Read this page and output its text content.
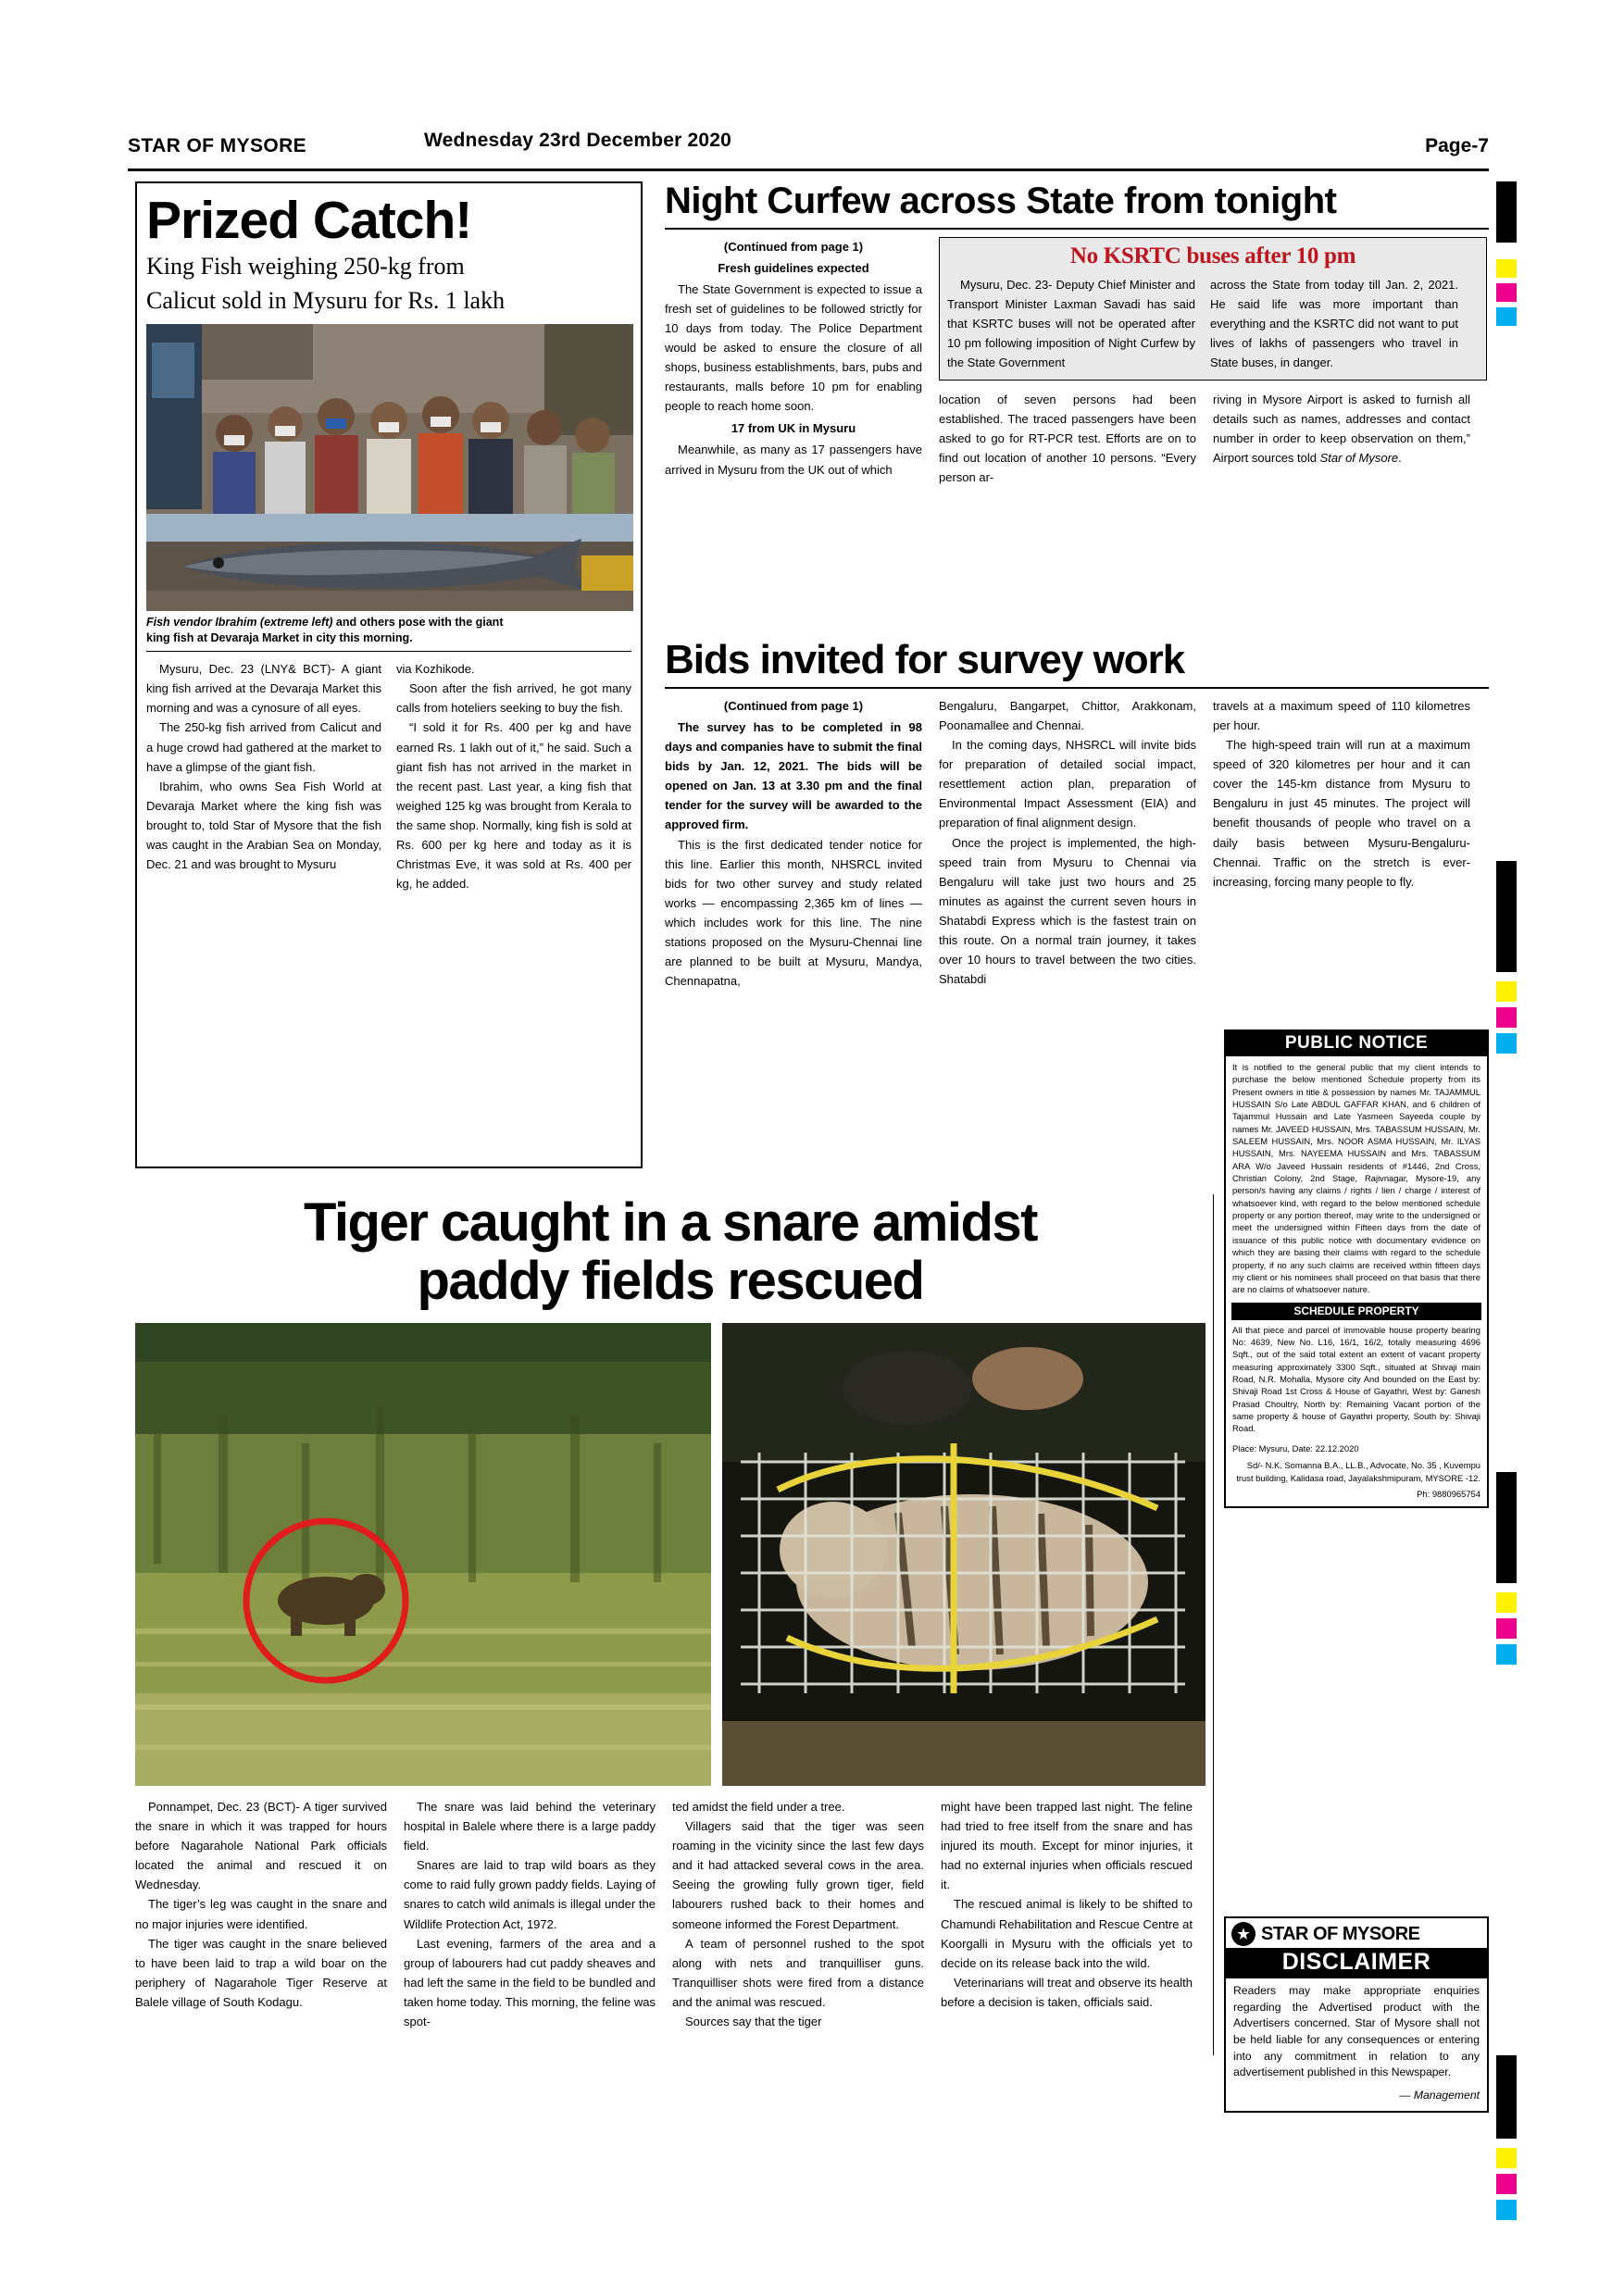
STAR OF MYSORE	Wednesday 23rd December 2020	Page-7
Prized Catch!
King Fish weighing 250-kg from
Calicut sold in Mysuru for Rs. 1 lakh
Fish vendor Ibrahim (extreme left) and others pose with the giant
king fish at Devaraja Market in city this morning.

Mysuru, Dec. 23 (LNY& BCT)- A giant king fish arrived at the Devaraja Market this morning and was a cynosure of all eyes.

The 250-kg fish arrived from Calicut and a huge crowd had gathered at the market to have a glimpse of the giant fish.

Ibrahim, who owns Sea Fish World at Devaraja Market where the king fish was brought to, told Star of Mysore that the fish was caught in the Arabian Sea on Monday, Dec. 21 and was brought to Mysuru

via Kozhikode.

Soon after the fish arrived, he got many calls from hoteliers seeking to buy the fish.

“I sold it for Rs. 400 per kg and have earned Rs. 1 lakh out of it,” he said. Such a giant fish has not arrived in the market in the recent past. Last year, a king fish that weighed 125 kg was brought from Kerala to the same shop. Normally, king fish is sold at Rs. 600 per kg here and today as it is Christmas Eve, it was sold at Rs. 400 per kg, he added.

Night Curfew across State from tonight
(Continued from page 1)
Fresh guidelines expected

The State Government is expected to issue a fresh set of guidelines to be followed strictly for 10 days from today. The Police Department would be asked to ensure the closure of all shops, business establishments, bars, pubs and restaurants, malls before 10 pm for enabling people to reach home soon.

17 from UK in Mysuru

Meanwhile, as many as 17 passengers have arrived in Mysuru from the UK out of which

No KSRTC buses after 10 pm

Mysuru, Dec. 23- Deputy Chief Minister and Transport Minister Laxman Savadi has said that KSRTC buses will not be operated after 10 pm following imposition of Night Curfew by the State Government

across the State from today till Jan. 2, 2021. He said life was more important than everything and the KSRTC did not want to put lives of lakhs of passengers who travel in State buses, in danger.

location of seven persons had been established. The traced passengers have been asked to go for RT-PCR test. Efforts are on to find out location of another 10 persons. “Every person ar-

riving in Mysore Airport is asked to furnish all details such as names, addresses and contact number in order to keep observation on them,” Airport sources told Star of Mysore.

Bids invited for survey work
(Continued from page 1)

The survey has to be completed in 98 days and companies have to submit the final bids by Jan. 12, 2021. The bids will be opened on Jan. 13 at 3.30 pm and the final tender for the survey will be awarded to the approved firm.

This is the first dedicated tender notice for this line. Earlier this month, NHSRCL invited bids for two other survey and study related works — encompassing 2,365 km of lines — which includes work for this line. The nine stations proposed on the Mysuru-Chennai line are planned to be built at Mysuru, Mandya, Chennapatna,

Bengaluru, Bangarpet, Chittor, Arakkonam, Poonamallee and Chennai.

In the coming days, NHSRCL will invite bids for preparation of detailed social impact, resettlement action plan, preparation of Environmental Impact Assessment (EIA) and preparation of final alignment design.

Once the project is implemented, the high-speed train from Mysuru to Chennai via Bengaluru will take just two hours and 25 minutes as against the current seven hours in Shatabdi Express which is the fastest train on this route. On a normal train journey, it takes over 10 hours to travel between the two cities. Shatabdi

travels at a maximum speed of 110 kilometres per hour.

The high-speed train will run at a maximum speed of 320 kilometres per hour and it can cover the 145-km distance from Mysuru to Bengaluru in just 45 minutes. The project will benefit thousands of people who travel on a daily basis between Mysuru-Bengaluru-Chennai. Traffic on the stretch is ever-increasing, forcing many people to fly.

Tiger caught in a snare amidst
paddy fields rescued

Ponnampet, Dec. 23 (BCT)- A tiger survived the snare in which it was trapped for hours before Nagarahole National Park officials located the animal and rescued it on Wednesday.

The tiger’s leg was caught in the snare and no major injuries were identified.

The tiger was caught in the snare believed to have been laid to trap a wild boar on the periphery of Nagarahole Tiger Reserve at Balele village of South Kodagu.

The snare was laid behind the veterinary hospital in Balele where there is a large paddy field.

Snares are laid to trap wild boars as they come to raid fully grown paddy fields. Laying of snares to catch wild animals is illegal under the Wildlife Protection Act, 1972.

Last evening, farmers of the area and a group of labourers had cut paddy sheaves and had left the same in the field to be bundled and taken home today. This morning, the feline was spot-

ted amidst the field under a tree.

Villagers said that the tiger was seen roaming in the vicinity since the last few days and it had attacked several cows in the area. Seeing the growling fully grown tiger, field labourers rushed back to their homes and someone informed the Forest Department.

A team of personnel rushed to the spot along with nets and tranquilliser guns. Tranquilliser shots were fired from a distance and the animal was rescued.

Sources say that the tiger

might have been trapped last night. The feline had tried to free itself from the snare and has injured its mouth. Except for minor injuries, it had no external injuries when officials rescued it.

The rescued animal is likely to be shifted to Chamundi Rehabilitation and Rescue Centre at Koorgalli in Mysuru with the officials yet to decide on its release back into the wild.

Veterinarians will treat and observe its health before a decision is taken, officials said.

PUBLIC NOTICE
It is notified to the general public that my client intends to purchase the below mentioned Schedule property from its Present owners in title & possession by names Mr. TAJAMMUL HUSSAIN S/o Late ABDUL GAFFAR KHAN, and 6 children of Tajammul Hussain and Late Yasmeen Sayeeda couple by names Mr. JAVEED HUSSAIN, Mrs. TABASSUM HUSSAIN, Mr. SALEEM HUSSAIN, Mrs. NOOR ASMA HUSSAIN, Mr. ILYAS HUSSAIN, Mrs. NAYEEMA HUSSAIN and Mrs. TABASSUM ARA W/o Javeed Hussain residents of #1446, 2nd Cross, Christian Colony, 2nd Stage, Rajivnagar, Mysore-19, any person/s having any claims / rights / lien / charge / interest of whatsoever kind, with regard to the below mentioned schedule property or any portion thereof, may write to the undersigned or meet the undersigned within Fifteen days from the date of issuance of this public notice with documentary evidence on which they are basing their claims with regard to the schedule property, if no any such claims are received within fifteen days my client or his nominees shall proceed on that basis that there are no claims of whatsoever nature.
SCHEDULE PROPERTY
All that piece and parcel of immovable house property bearing No: 4639, New No. L16, 16/1, 16/2, totally measuring 4696 Sqft., out of the said total extent an extent of vacant property measuring approximately 3300 Sqft., situated at Shivaji main Road, N.R. Mohalla, Mysore city And bounded on the East by: Shivaji Road 1st Cross & House of Gayathri, West by: Ganesh Prasad Choultry, North by: Remaining Vacant portion of the same property & house of Gayathri property, South by: Shivaji Road.
Place: Mysuru, Date: 22.12.2020
Sd/- N.K. Somanna B.A., LL.B., Advocate, No. 35 , Kuvempu trust building, Kalidasa road, Jayalakshmipuram, MYSORE -12.
Ph: 9880965754
★ STAR OF MYSORE
DISCLAIMER
Readers may make appropriate enquiries regarding the Advertised product with the Advertisers concerned. Star of Mysore shall not be held liable for any consequences or entering into any commitment in relation to any advertisement published in this Newspaper.
— Management
